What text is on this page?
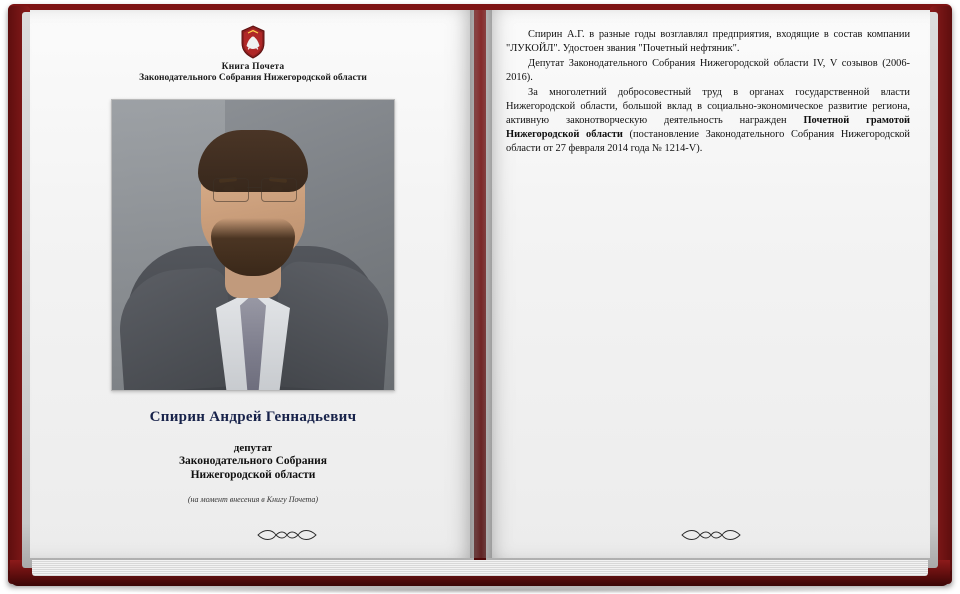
Книга Почета
Законодательного Собрания Нижегородской области
Спирин Андрей Геннадьевич
депутат
Законодательного Собрания
Нижегородской области
(на момент внесения в Книгу Почета)

Спирин А.Г. в разные годы возглавлял предприятия, входящие в состав компании "ЛУКОЙЛ". Удостоен звания "Почетный нефтяник".

Депутат Законодательного Собрания Нижегородской области IV, V созывов (2006-2016).

За многолетний добросовестный труд в органах государственной власти Нижегородской области, большой вклад в социально-экономическое развитие региона, активную законотворческую деятельность награжден Почетной грамотой Нижегородской области (постановление Законодательного Собрания Нижегородской области от 27 февраля 2014 года № 1214-V).
